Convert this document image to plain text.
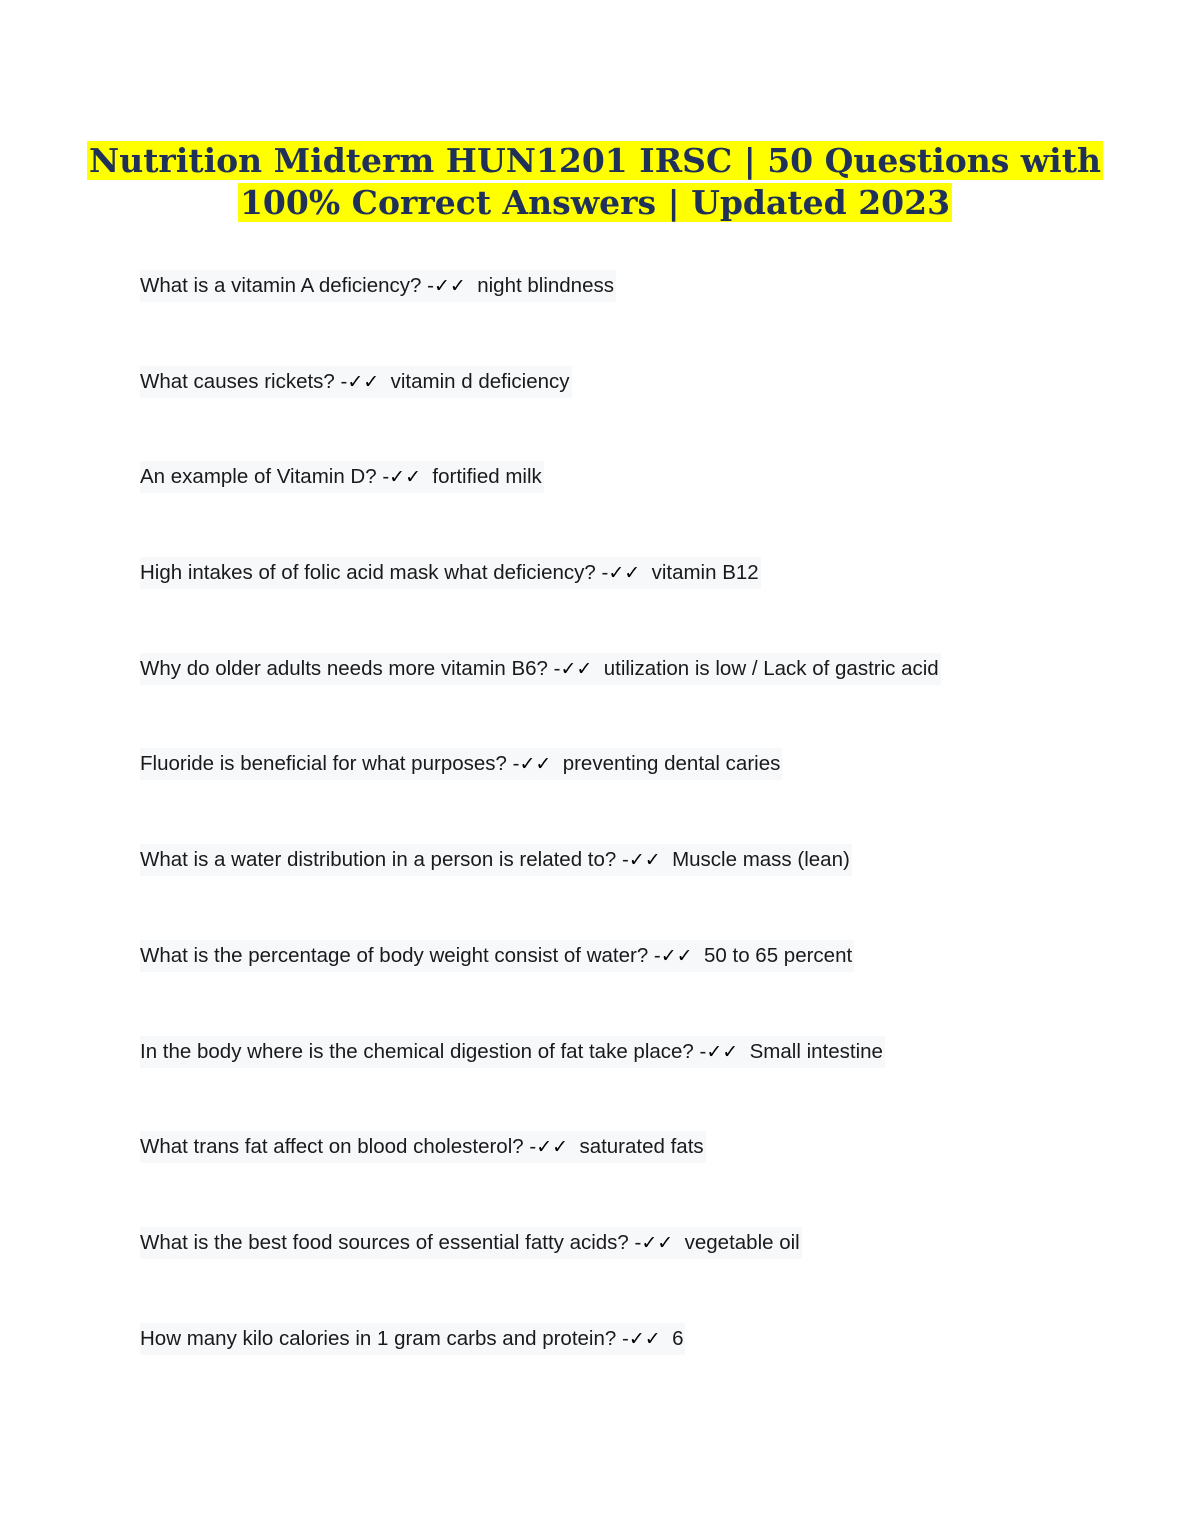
Nutrition Midterm HUN1201 IRSC | 50 Questions with
100% Correct Answers | Updated 2023
What is a vitamin A deficiency? -✓✓ night blindness
What causes rickets? -✓✓ vitamin d deficiency
An example of Vitamin D? -✓✓ fortified milk
High intakes of of folic acid mask what deficiency? -✓✓ vitamin B12
Why do older adults needs more vitamin B6? -✓✓ utilization is low / Lack of gastric acid
Fluoride is beneficial for what purposes? -✓✓ preventing dental caries
What is a water distribution in a person is related to? -✓✓ Muscle mass (lean)
What is the percentage of body weight consist of water? -✓✓ 50 to 65 percent
In the body where is the chemical digestion of fat take place? -✓✓ Small intestine
What trans fat affect on blood cholesterol? -✓✓ saturated fats
What is the best food sources of essential fatty acids? -✓✓ vegetable oil
How many kilo calories in 1 gram carbs and protein? -✓✓ 6
